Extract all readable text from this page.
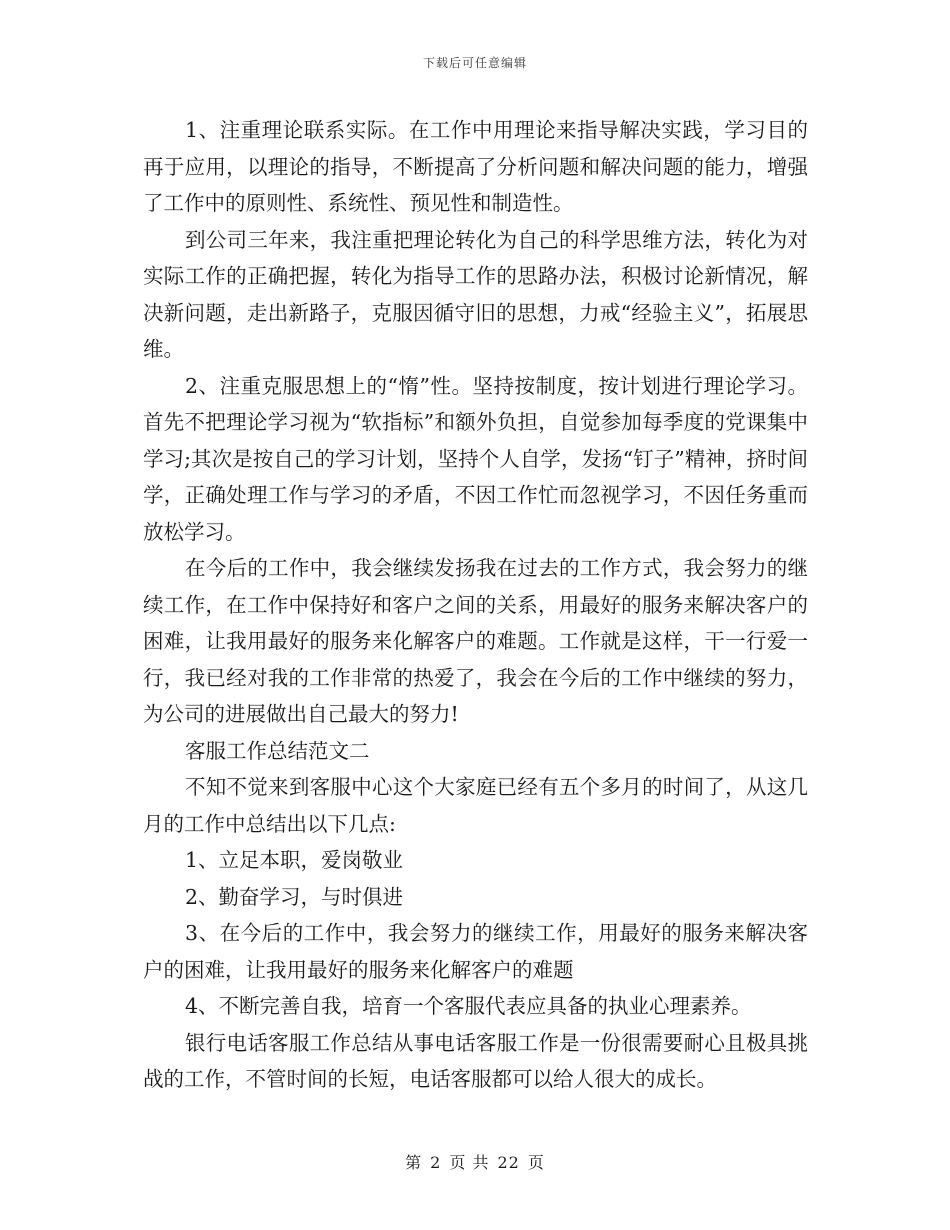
下载后可任意编辑

1、注重理论联系实际。在工作中用理论来指导解决实践，学习目的再于应用，以理论的指导，不断提高了分析问题和解决问题的能力，增强了工作中的原则性、系统性、预见性和制造性。

到公司三年来，我注重把理论转化为自己的科学思维方法，转化为对实际工作的正确把握，转化为指导工作的思路办法，积极讨论新情况，解决新问题，走出新路子，克服因循守旧的思想，力戒“经验主义”，拓展思维。

2、注重克服思想上的“惰”性。坚持按制度，按计划进行理论学习。首先不把理论学习视为“软指标”和额外负担，自觉参加每季度的党课集中学习;其次是按自己的学习计划，坚持个人自学，发扬“钉子”精神，挤时间学，正确处理工作与学习的矛盾，不因工作忙而忽视学习，不因任务重而放松学习。

在今后的工作中，我会继续发扬我在过去的工作方式，我会努力的继续工作，在工作中保持好和客户之间的关系，用最好的服务来解决客户的困难，让我用最好的服务来化解客户的难题。工作就是这样，干一行爱一行，我已经对我的工作非常的热爱了，我会在今后的工作中继续的努力，为公司的进展做出自己最大的努力!

客服工作总结范文二

不知不觉来到客服中心这个大家庭已经有五个多月的时间了，从这几月的工作中总结出以下几点:

1、立足本职，爱岗敬业

2、勤奋学习，与时俱进

3、在今后的工作中，我会努力的继续工作，用最好的服务来解决客户的困难，让我用最好的服务来化解客户的难题

4、不断完善自我，培育一个客服代表应具备的执业心理素养。

银行电话客服工作总结从事电话客服工作是一份很需要耐心且极具挑战的工作，不管时间的长短，电话客服都可以给人很大的成长。

第 2 页 共 22 页
